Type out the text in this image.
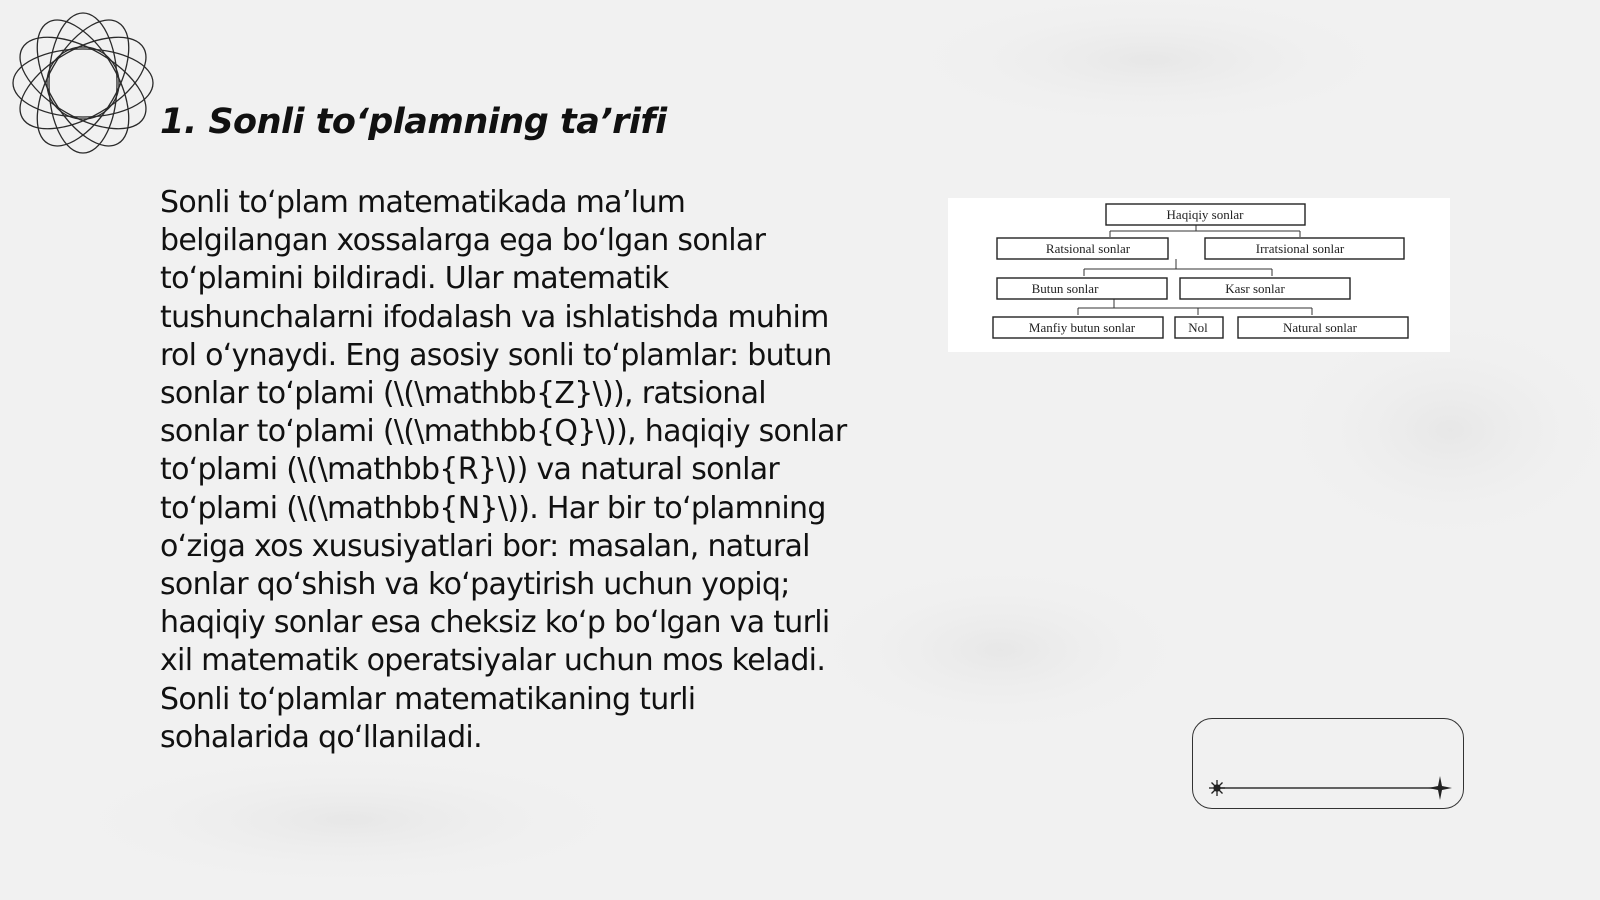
1. Sonli to‘plamning ta’rifi

Sonli to‘plam matematikada ma’lum belgilangan xossalarga ega bo‘lgan sonlar to‘plamini bildiradi. Ular matematik tushunchalarni ifodalash va ishlatishda muhim rol o‘ynaydi. Eng asosiy sonli to‘plamlar: butun sonlar to‘plami (\(\mathbb{Z}\)), ratsional sonlar to‘plami (\(\mathbb{Q}\)), haqiqiy sonlar to‘plami (\(\mathbb{R}\)) va natural sonlar to‘plami (\(\mathbb{N}\)). Har bir to‘plamning o‘ziga xos xususiyatlari bor: masalan, natural sonlar qo‘shish va ko‘paytirish uchun yopiq; haqiqiy sonlar esa cheksiz ko‘p bo‘lgan va turli xil matematik operatsiyalar uchun mos keladi. Sonli to‘plamlar matematikaning turli sohalarida qo‘llaniladi.

Haqiqiy sonlar
Ratsional sonlar	Irratsional sonlar
Butun sonlar	Kasr sonlar
Manfiy butun sonlar	Nol	Natural sonlar
